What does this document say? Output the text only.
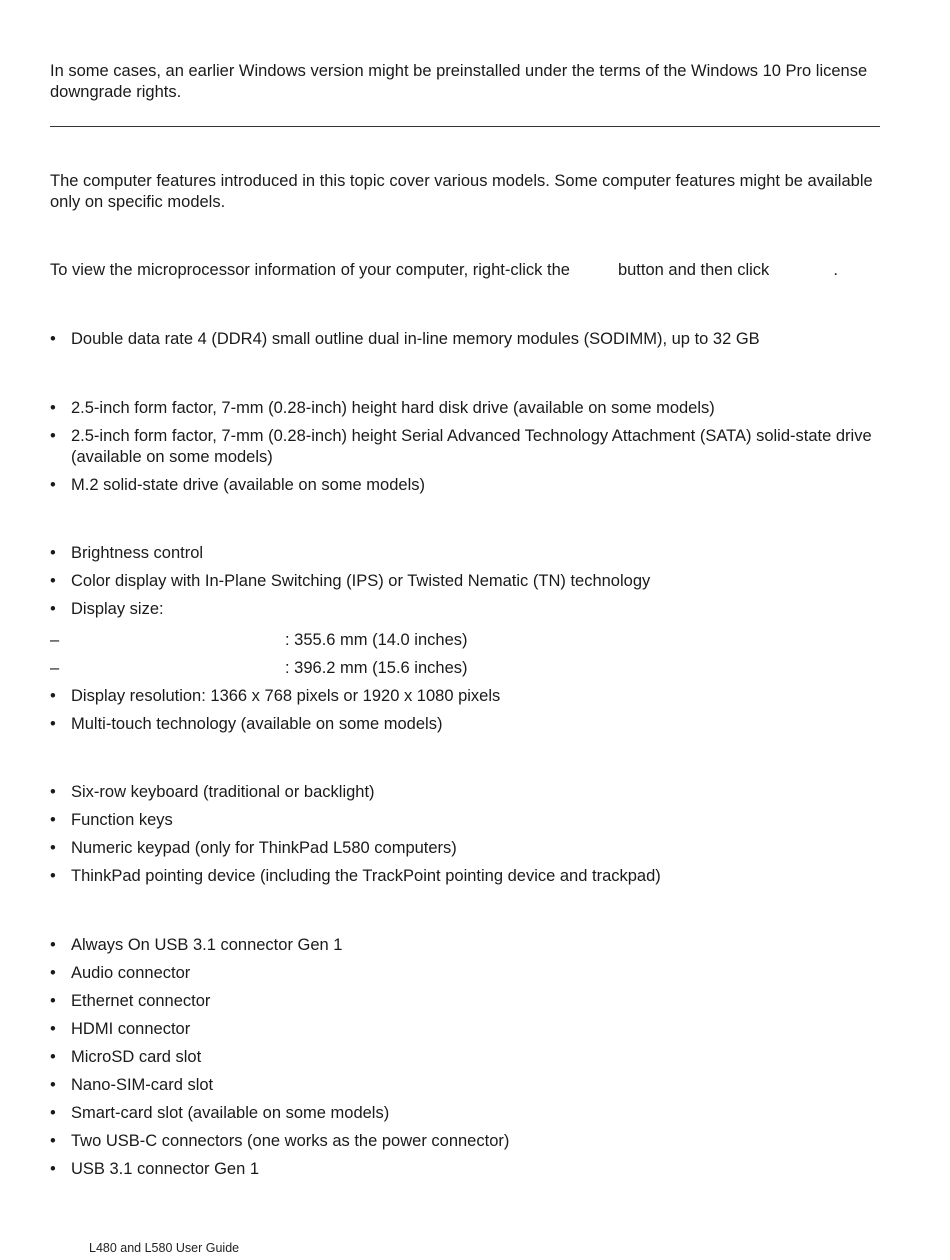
In some cases, an earlier Windows version might be preinstalled under the terms of the Windows 10 Pro license downgrade rights.

The computer features introduced in this topic cover various models. Some computer features might be available only on specific models.

To view the microprocessor information of your computer, right-click the	button and then click	.

• Double data rate 4 (DDR4) small outline dual in-line memory modules (SODIMM), up to 32 GB
• 2.5-inch form factor, 7-mm (0.28-inch) height hard disk drive (available on some models)
• 2.5-inch form factor, 7-mm (0.28-inch) height Serial Advanced Technology Attachment (SATA) solid-state drive (available on some models)
• M.2 solid-state drive (available on some models)
• Brightness control
• Color display with In-Plane Switching (IPS) or Twisted Nematic (TN) technology
• Display size:
–	: 355.6 mm (14.0 inches)
–	: 396.2 mm (15.6 inches)
• Display resolution: 1366 x 768 pixels or 1920 x 1080 pixels
• Multi-touch technology (available on some models)
• Six-row keyboard (traditional or backlight)
• Function keys
• Numeric keypad (only for ThinkPad L580 computers)
• ThinkPad pointing device (including the TrackPoint pointing device and trackpad)
• Always On USB 3.1 connector Gen 1
• Audio connector
• Ethernet connector
• HDMI connector
• MicroSD card slot
• Nano-SIM-card slot
• Smart-card slot (available on some models)
• Two USB-C connectors (one works as the power connector)
• USB 3.1 connector Gen 1
L480 and L580 User Guide
